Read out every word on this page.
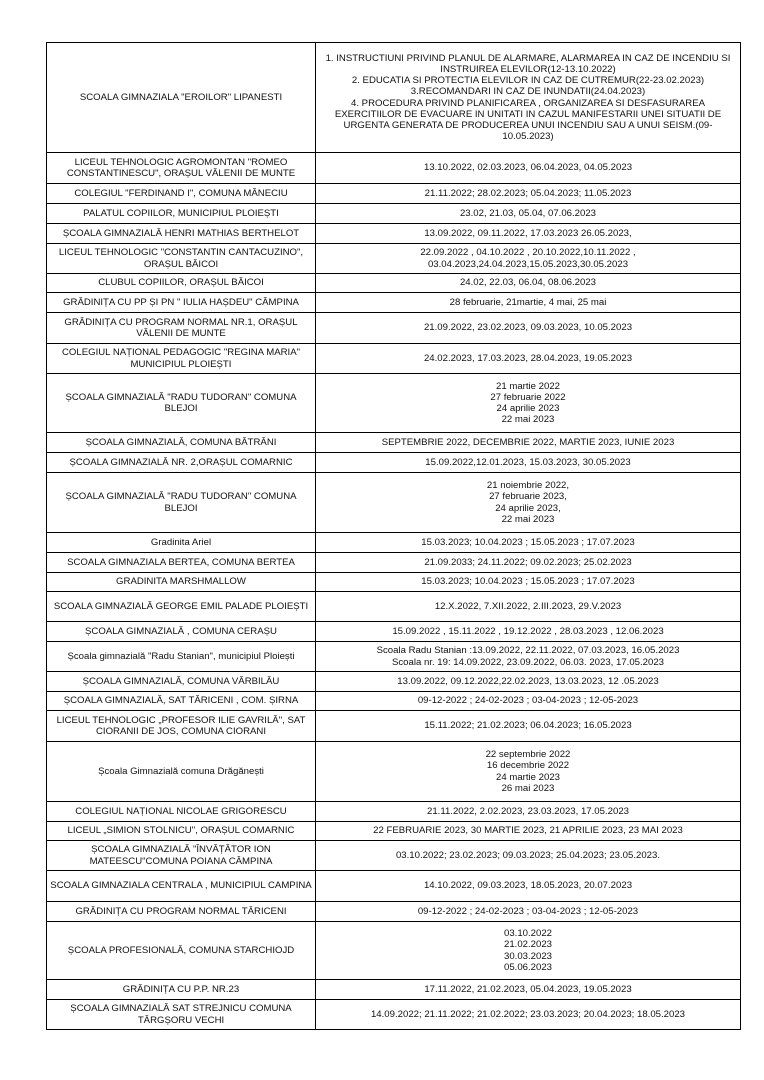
SCOALA GIMNAZIALA "EROILOR" LIPANESTI	1. INSTRUCTIUNI PRIVIND PLANUL DE ALARMARE, ALARMAREA IN CAZ DE INCENDIU SI INSTRUIREA ELEVILOR(12-13.10.2022)
2. EDUCATIA SI PROTECTIA ELEVILOR IN CAZ DE CUTREMUR(22-23.02.2023)
3.RECOMANDARI IN CAZ DE INUNDATII(24.04.2023)
4. PROCEDURA PRIVIND PLANIFICAREA , ORGANIZAREA SI DESFASURAREA EXERCITIILOR DE EVACUARE IN UNITATI IN CAZUL MANIFESTARII UNEI SITUATII DE URGENTA GENERATA DE PRODUCEREA UNUI INCENDIU SAU A UNUI SEISM.(09-10.05.2023)

LICEUL TEHNOLOGIC AGROMONTAN "ROMEO CONSTANTINESCU", ORAȘUL VĂLENII DE MUNTE	13.10.2022, 02.03.2023, 06.04.2023, 04.05.2023

COLEGIUL "FERDINAND I", COMUNA MĂNECIU	21.11.2022; 28.02.2023; 05.04.2023; 11.05.2023

PALATUL COPIILOR, MUNICIPIUL PLOIEȘTI	23.02, 21.03, 05.04, 07.06.2023

ȘCOALA GIMNAZIALĂ HENRI MATHIAS BERTHELOT	13.09.2022, 09.11.2022, 17.03.2023 26.05.2023,

LICEUL TEHNOLOGIC "CONSTANTIN CANTACUZINO", ORAȘUL BĂICOI	22.09.2022 , 04.10.2022 , 20.10.2022,10.11.2022 ,
03.04.2023,24.04.2023,15.05.2023,30.05.2023

CLUBUL COPIILOR, ORAȘUL BĂICOI	24.02, 22.03, 06.04, 08.06.2023

GRĂDINIȚA CU PP ȘI PN " IULIA HAȘDEU" CÂMPINA	28 februarie, 21martie, 4 mai, 25 mai

GRĂDINIȚA CU PROGRAM NORMAL NR.1, ORAȘUL VĂLENII DE MUNTE	21.09.2022, 23.02.2023, 09.03.2023, 10.05.2023

COLEGIUL NAȚIONAL PEDAGOGIC "REGINA MARIA" MUNICIPIUL PLOIEȘTI	24.02.2023, 17.03.2023, 28.04.2023, 19.05.2023

ȘCOALA GIMNAZIALĂ "RADU TUDORAN" COMUNA BLEJOI	21 martie 2022
27 februarie 2022
24 aprilie 2023
22 mai 2023

ȘCOALA GIMNAZIALĂ, COMUNA BĂTRÂNI	SEPTEMBRIE 2022, DECEMBRIE 2022, MARTIE 2023, IUNIE 2023

ȘCOALA GIMNAZIALĂ NR. 2,ORAȘUL COMARNIC	15.09.2022,12.01.2023, 15.03.2023, 30.05.2023

ȘCOALA GIMNAZIALĂ "RADU TUDORAN" COMUNA BLEJOI	21 noiembrie 2022,
27 februarie 2023,
24 aprilie 2023,
22 mai 2023

Gradinita Ariel	15.03.2023; 10.04.2023 ; 15.05.2023 ; 17.07.2023

SCOALA GIMNAZIALA BERTEA, COMUNA BERTEA	21.09.2033; 24.11.2022; 09.02.2023; 25.02.2023

GRADINITA MARSHMALLOW	15.03.2023; 10.04.2023 ; 15.05.2023 ; 17.07.2023

SCOALA GIMNAZIALĂ GEORGE EMIL PALADE PLOIEȘTI	12.X.2022, 7.XII.2022, 2.III.2023, 29.V.2023

ȘCOALA GIMNAZIALĂ , COMUNA CERAȘU	15.09.2022 , 15.11.2022 , 19.12.2022 , 28.03.2023 , 12.06.2023

Școala gimnazială "Radu Stanian", municipiul Ploiești	Scoala Radu Stanian :13.09.2022, 22.11.2022, 07.03.2023, 16.05.2023
Scoala nr. 19: 14.09.2022, 23.09.2022, 06.03. 2023, 17.05.2023

ȘCOALA GIMNAZIALĂ, COMUNA VĂRBILĂU	13.09.2022, 09.12.2022,22.02.2023, 13.03.2023, 12 .05.2023

ȘCOALA GIMNAZIALĂ, SAT TĂRICENI , COM. ȘIRNA	09-12-2022 ; 24-02-2023 ; 03-04-2023 ; 12-05-2023

LICEUL TEHNOLOGIC „PROFESOR ILIE GAVRILĂ", SAT CIORANII DE JOS, COMUNA CIORANI	15.11.2022; 21.02.2023; 06.04.2023; 16.05.2023

Școala Gimnazială comuna Drăgănești	22 septembrie 2022
16 decembrie 2022
24 martie 2023
26 mai 2023

COLEGIUL NAȚIONAL NICOLAE GRIGORESCU	21.11.2022, 2.02.2023, 23.03.2023, 17.05.2023

LICEUL „SIMION STOLNICU", ORAȘUL COMARNIC	22 FEBRUARIE 2023, 30 MARTIE 2023, 21 APRILIE 2023, 23 MAI 2023

ȘCOALA GIMNAZIALĂ "ÎNVĂȚĂTOR ION MATEESCU"COMUNA POIANA CÂMPINA	03.10.2022; 23.02.2023; 09.03.2023; 25.04.2023; 23.05.2023.

SCOALA GIMNAZIALA CENTRALA , MUNICIPIUL CAMPINA	14.10.2022, 09.03.2023, 18.05.2023, 20.07.2023

GRĂDINIȚA CU PROGRAM NORMAL TĂRICENI	09-12-2022 ; 24-02-2023 ; 03-04-2023 ; 12-05-2023

ȘCOALA PROFESIONALĂ, COMUNA STARCHIOJD	03.10.2022
21.02.2023
30.03.2023
05.06.2023

GRĂDINIȚA CU P.P. NR.23	17.11.2022, 21.02.2023, 05.04.2023, 19.05.2023

ȘCOALA GIMNAZIALĂ SAT STREJNICU COMUNA TÂRGȘORU VECHI	14.09.2022; 21.11.2022; 21.02.2022; 23.03.2023; 20.04.2023; 18.05.2023
